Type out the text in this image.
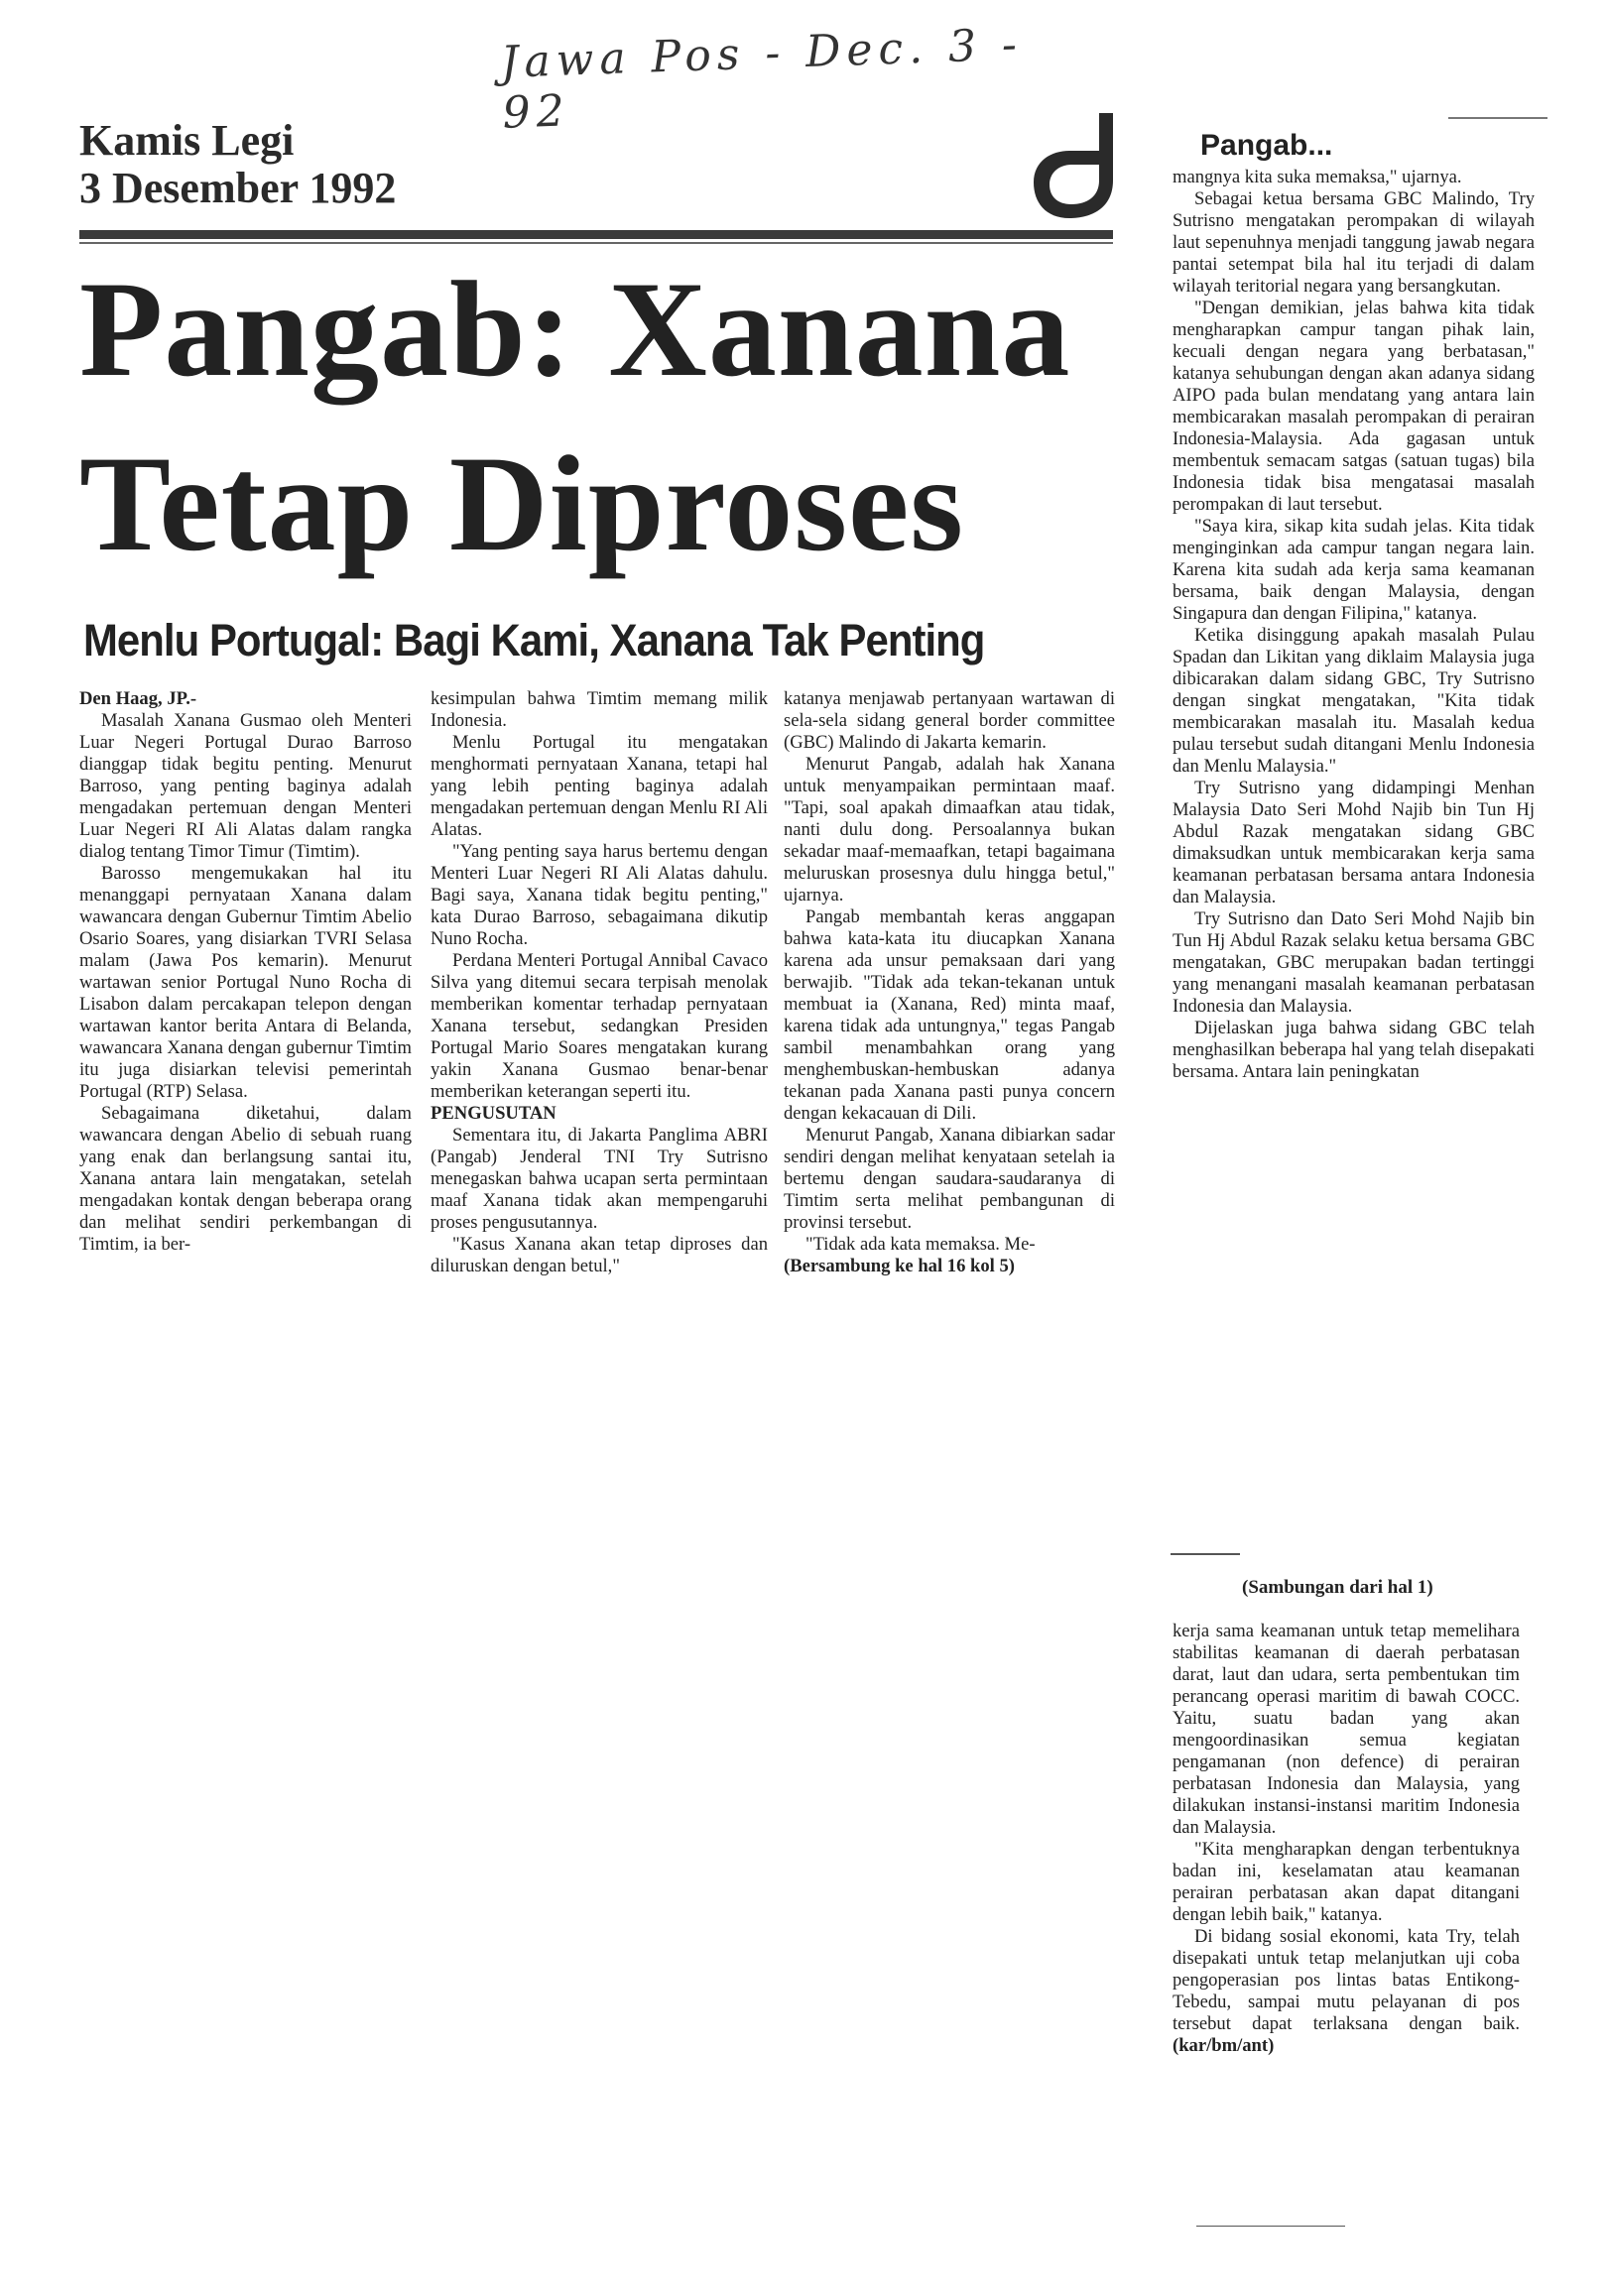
Jawa Pos - Dec. 3 - 92
Kamis Legi
3 Desember 1992
Pangab: Xanana
Tetap Diproses
Menlu Portugal: Bagi Kami, Xanana Tak Penting

Den Haag, JP.-

Masalah Xanana Gusmao oleh Menteri Luar Negeri Portugal Durao Barroso dianggap tidak begitu penting. Menurut Barroso, yang penting baginya adalah mengadakan pertemuan dengan Menteri Luar Negeri RI Ali Alatas dalam rangka dialog tentang Timor Timur (Timtim).

Barosso mengemukakan hal itu menanggapi pernyataan Xanana dalam wawancara dengan Gubernur Timtim Abelio Osario Soares, yang disiarkan TVRI Selasa malam (Jawa Pos kemarin). Menurut wartawan senior Portugal Nuno Rocha di Lisabon dalam percakapan telepon dengan wartawan kantor berita Antara di Belanda, wawancara Xanana dengan gubernur Timtim itu juga disiarkan televisi pemerintah Portugal (RTP) Selasa.

Sebagaimana diketahui, dalam wawancara dengan Abelio di sebuah ruang yang enak dan berlangsung santai itu, Xanana antara lain mengatakan, setelah mengadakan kontak dengan beberapa orang dan melihat sendiri perkembangan di Timtim, ia ber-

kesimpulan bahwa Timtim memang milik Indonesia.

Menlu Portugal itu mengatakan menghormati pernyataan Xanana, tetapi hal yang lebih penting baginya adalah mengadakan pertemuan dengan Menlu RI Ali Alatas.

"Yang penting saya harus bertemu dengan Menteri Luar Negeri RI Ali Alatas dahulu. Bagi saya, Xanana tidak begitu penting," kata Durao Barroso, sebagaimana dikutip Nuno Rocha.

Perdana Menteri Portugal Annibal Cavaco Silva yang ditemui secara terpisah menolak memberikan komentar terhadap pernyataan Xanana tersebut, sedangkan Presiden Portugal Mario Soares mengatakan kurang yakin Xanana Gusmao benar-benar memberikan keterangan seperti itu.

PENGUSUTAN

Sementara itu, di Jakarta Panglima ABRI (Pangab) Jenderal TNI Try Sutrisno menegaskan bahwa ucapan serta permintaan maaf Xanana tidak akan mempengaruhi proses pengusutannya.

"Kasus Xanana akan tetap diproses dan diluruskan dengan betul,"

katanya menjawab pertanyaan wartawan di sela-sela sidang general border committee (GBC) Malindo di Jakarta kemarin.

Menurut Pangab, adalah hak Xanana untuk menyampaikan permintaan maaf. "Tapi, soal apakah dimaafkan atau tidak, nanti dulu dong. Persoalannya bukan sekadar maaf-memaafkan, tetapi bagaimana meluruskan prosesnya dulu hingga betul," ujarnya.

Pangab membantah keras anggapan bahwa kata-kata itu diucapkan Xanana karena ada unsur pemaksaan dari yang berwajib. "Tidak ada tekan-tekanan untuk membuat ia (Xanana, Red) minta maaf, karena tidak ada untungnya," tegas Pangab sambil menambahkan orang yang menghembuskan-hembuskan adanya tekanan pada Xanana pasti punya concern dengan kekacauan di Dili.

Menurut Pangab, Xanana dibiarkan sadar sendiri dengan melihat kenyataan setelah ia bertemu dengan saudara-saudaranya di Timtim serta melihat pembangunan di provinsi tersebut.

"Tidak ada kata memaksa. Me-

(Bersambung ke hal 16 kol 5)

Pangab...

mangnya kita suka memaksa," ujarnya.

Sebagai ketua bersama GBC Malindo, Try Sutrisno mengatakan perompakan di wilayah laut sepenuhnya menjadi tanggung jawab negara pantai setempat bila hal itu terjadi di dalam wilayah teritorial negara yang bersangkutan.

"Dengan demikian, jelas bahwa kita tidak mengharapkan campur tangan pihak lain, kecuali dengan negara yang berbatasan," katanya sehubungan dengan akan adanya sidang AIPO pada bulan mendatang yang antara lain membicarakan masalah perompakan di perairan Indonesia-Malaysia. Ada gagasan untuk membentuk semacam satgas (satuan tugas) bila Indonesia tidak bisa mengatasai masalah perompakan di laut tersebut.

"Saya kira, sikap kita sudah jelas. Kita tidak menginginkan ada campur tangan negara lain. Karena kita sudah ada kerja sama keamanan bersama, baik dengan Malaysia, dengan Singapura dan dengan Filipina," katanya.

Ketika disinggung apakah masalah Pulau Spadan dan Likitan yang diklaim Malaysia juga dibicarakan dalam sidang GBC, Try Sutrisno dengan singkat mengatakan, "Kita tidak membicarakan masalah itu. Masalah kedua pulau tersebut sudah ditangani Menlu Indonesia dan Menlu Malaysia."

Try Sutrisno yang didampingi Menhan Malaysia Dato Seri Mohd Najib bin Tun Hj Abdul Razak mengatakan sidang GBC dimaksudkan untuk membicarakan kerja sama keamanan perbatasan bersama antara Indonesia dan Malaysia.

Try Sutrisno dan Dato Seri Mohd Najib bin Tun Hj Abdul Razak selaku ketua bersama GBC mengatakan, GBC merupakan badan tertinggi yang menangani masalah keamanan perbatasan Indonesia dan Malaysia.

Dijelaskan juga bahwa sidang GBC telah menghasilkan beberapa hal yang telah disepakati bersama. Antara lain peningkatan

(Sambungan dari hal 1)

kerja sama keamanan untuk tetap memelihara stabilitas keamanan di daerah perbatasan darat, laut dan udara, serta pembentukan tim perancang operasi maritim di bawah COCC. Yaitu, suatu badan yang akan mengoordinasikan semua kegiatan pengamanan (non defence) di perairan perbatasan Indonesia dan Malaysia, yang dilakukan instansi-instansi maritim Indonesia dan Malaysia.

"Kita mengharapkan dengan terbentuknya badan ini, keselamatan atau keamanan perairan perbatasan akan dapat ditangani dengan lebih baik," katanya.

Di bidang sosial ekonomi, kata Try, telah disepakati untuk tetap melanjutkan uji coba pengoperasian pos lintas batas Entikong-Tebedu, sampai mutu pelayanan di pos tersebut dapat terlaksana dengan baik.(kar/bm/ant)
